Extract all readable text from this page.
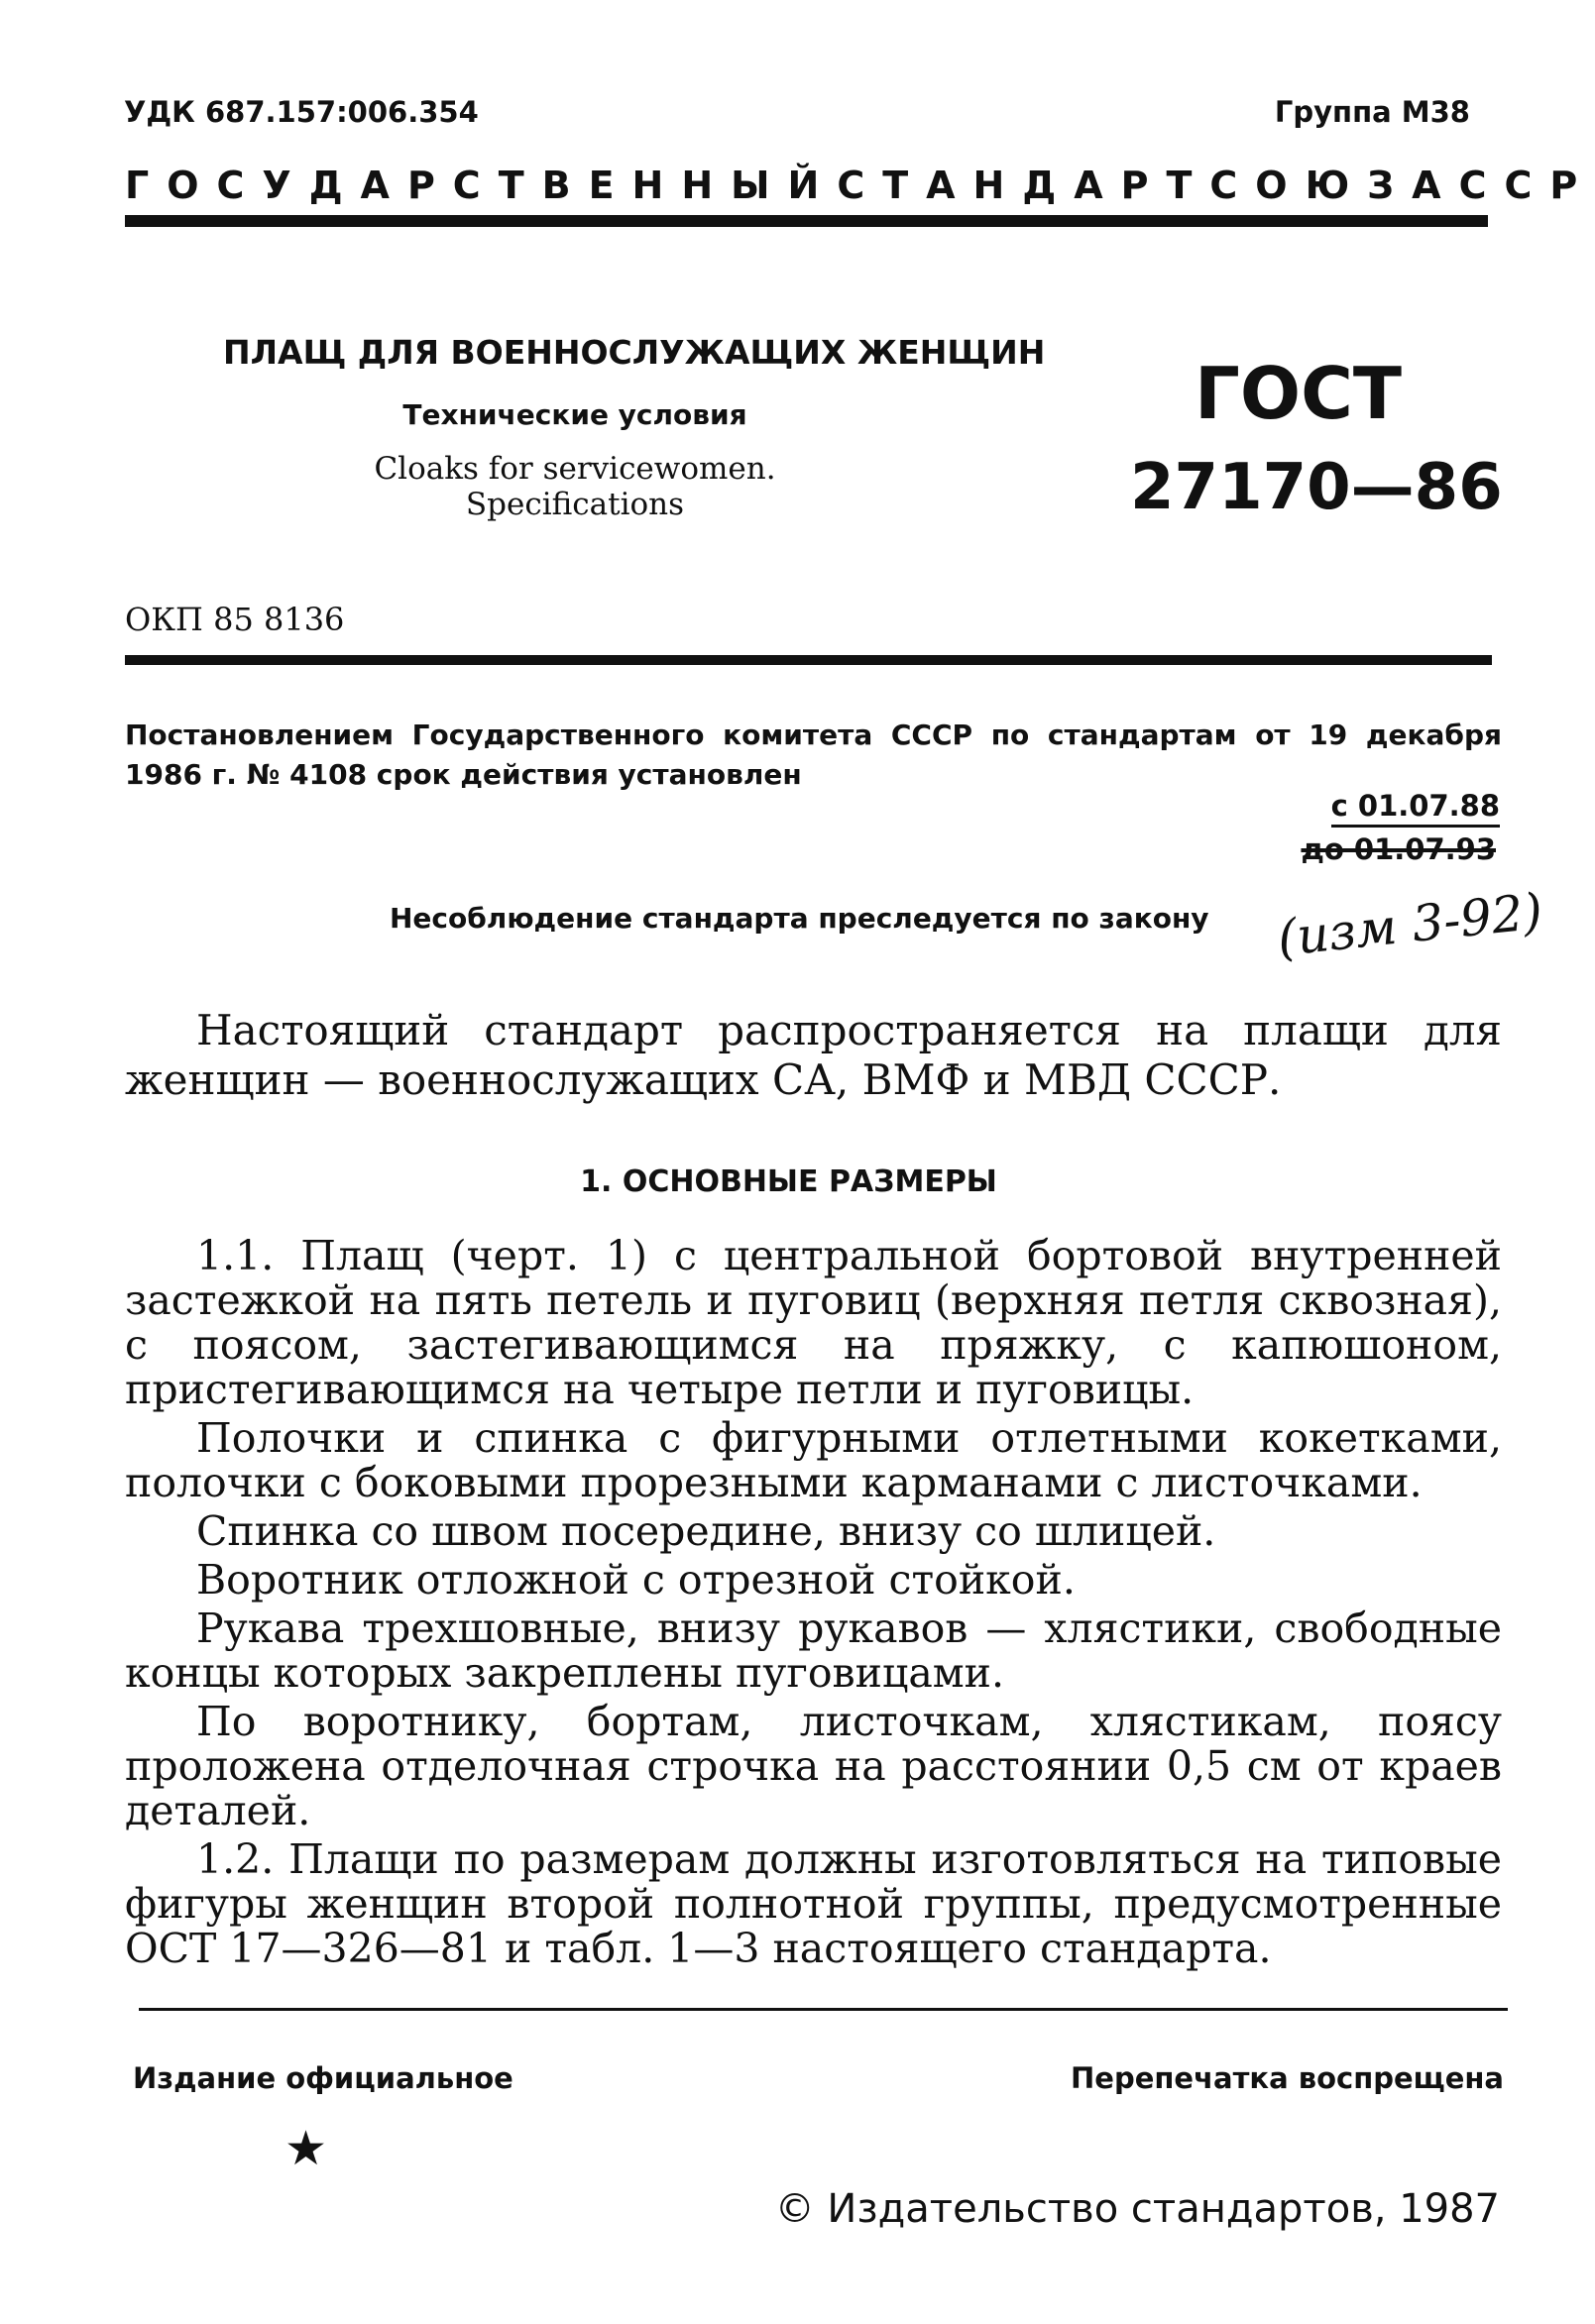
УДК 687.157:006.354	Группа М38
ГОСУДАРСТВЕННЫЙ СТАНДАРТ СОЮЗА ССР
ПЛАЩ ДЛЯ ВОЕННОСЛУЖАЩИХ ЖЕНЩИН
Технические условия
Cloaks for servicewomen.
Specifications
ГОСТ
27170—86
ОКП 85 8136
Постановлением Государственного комитета СССР по стандартам от 19 декабря 1986 г. № 4108 срок действия установлен
с 01.07.88
до 01.07.93
(изм 3-92)
Несоблюдение стандарта преследуется по закону

Настоящий стандарт распространяется на плащи для женщин — военнослужащих СА, ВМФ и МВД СССР.

1. ОСНОВНЫЕ РАЗМЕРЫ

1.1. Плащ (черт. 1) с центральной бортовой внутренней застежкой на пять петель и пуговиц (верхняя петля сквозная), с поясом, застегивающимся на пряжку, с капюшоном, пристегивающимся на четыре петли и пуговицы.

Полочки и спинка с фигурными отлетными кокетками, полочки с боковыми прорезными карманами с листочками.

Спинка со швом посередине, внизу со шлицей.

Воротник отложной с отрезной стойкой.

Рукава трехшовные, внизу рукавов — хлястики, свободные концы которых закреплены пуговицами.

По воротнику, бортам, листочкам, хлястикам, поясу проложена отделочная строчка на расстоянии 0,5 см от краев деталей.

1.2. Плащи по размерам должны изготовляться на типовые фигуры женщин второй полнотной группы, предусмотренные ОСТ 17—326—81 и табл. 1—3 настоящего стандарта.

Издание официальное	Перепечатка воспрещена
★
© Издательство стандартов, 1987
